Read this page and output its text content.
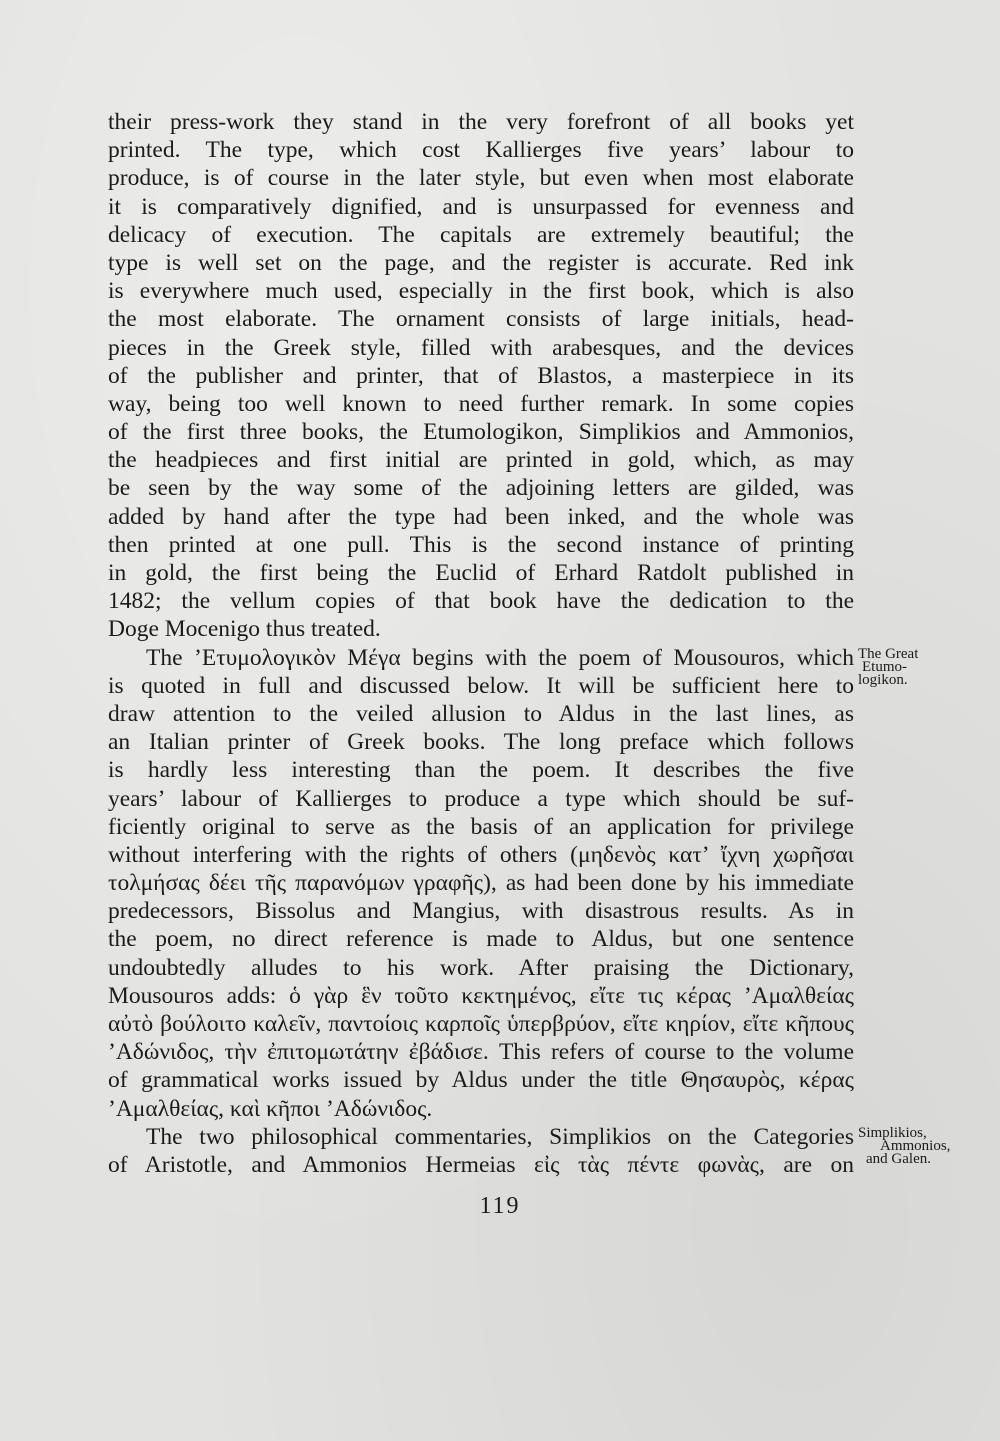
their press-work they stand in the very forefront of all books yet
printed. The type, which cost Kallierges five years’ labour to
produce, is of course in the later style, but even when most elaborate
it is comparatively dignified, and is unsurpassed for evenness and
delicacy of execution. The capitals are extremely beautiful; the
type is well set on the page, and the register is accurate. Red ink
is everywhere much used, especially in the first book, which is also
the most elaborate. The ornament consists of large initials, head-
pieces in the Greek style, filled with arabesques, and the devices
of the publisher and printer, that of Blastos, a masterpiece in its
way, being too well known to need further remark. In some copies
of the first three books, the Etumologikon, Simplikios and Ammonios,
the headpieces and first initial are printed in gold, which, as may
be seen by the way some of the adjoining letters are gilded, was
added by hand after the type had been inked, and the whole was
then printed at one pull. This is the second instance of printing
in gold, the first being the Euclid of Erhard Ratdolt published in
1482; the vellum copies of that book have the dedication to the
Doge Mocenigo thus treated.
The ’Ετυμολογικὸν Μέγα begins with the poem of Mousouros, which
is quoted in full and discussed below. It will be sufficient here to
draw attention to the veiled allusion to Aldus in the last lines, as
an Italian printer of Greek books. The long preface which follows
is hardly less interesting than the poem. It describes the five
years’ labour of Kallierges to produce a type which should be suf-
ficiently original to serve as the basis of an application for privilege
without interfering with the rights of others (μηδενὸς κατ’ ἴχνη χωρῆσαι
τολμήσας δέει τῆς παρανόμων γραφῆς), as had been done by his immediate
predecessors, Bissolus and Mangius, with disastrous results. As in
the poem, no direct reference is made to Aldus, but one sentence
undoubtedly alludes to his work. After praising the Dictionary,
Mousouros adds: ὁ γὰρ ἓν τοῦτο κεκτημένος, εἴτε τις κέρας ’Αμαλθείας
αὐτὸ βούλοιτο καλεῖν, παντοίοις καρποῖς ὑπερβρύον, εἴτε κηρίον, εἴτε κῆπους
’Αδώνιδος, τὴν ἐπιτομωτάτην ἐβάδισε. This refers of course to the volume
of grammatical works issued by Aldus under the title Θησαυρὸς, κέρας
’Αμαλθείας, καὶ κῆποι ’Αδώνιδος.
The two philosophical commentaries, Simplikios on the Categories
of Aristotle, and Ammonios Hermeias εἰς τὰς πέντε φωνὰς, are on
The Great
Etumo-
logikon.
Simplikios,
Ammonios,
and Galen.
119
